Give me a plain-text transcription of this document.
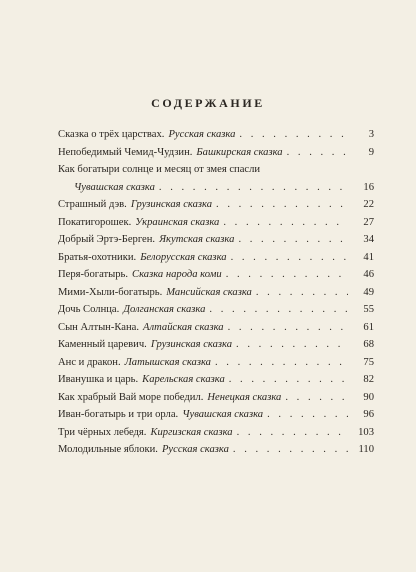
СОДЕРЖАНИЕ
Сказка о трёх царствах. Русская сказка . . .	3
Непобедимый Чемид-Чудзин. Башкирская сказка . . .	9
Как богатыри солнце и месяц от змея спасли
Чувашская сказка . . .	16
Страшный дэв. Грузинская сказка . . .	22
Покатигорошек. Украинская сказка . . .	27
Добрый Эртэ-Берген. Якутская сказка . . .	34
Братья-охотники. Белорусская сказка . . .	41
Перя-богатырь. Сказка народа коми . . .	46
Мими-Хыли-богатырь. Мансийская сказка . . .	49
Дочь Солнца. Долганская сказка . . .	55
Сын Алтын-Кана. Алтайская сказка . . .	61
Каменный царевич. Грузинская сказка . . .	68
Анс и дракон. Латышская сказка . . .	75
Иванушка и царь. Карельская сказка . . .	82
Как храбрый Вай море победил. Ненецкая сказка . . .	90
Иван-богатырь и три орла. Чувашская сказка . . .	96
Три чёрных лебедя. Киргизская сказка . . .	103
Молодильные яблоки. Русская сказка . . .	110
